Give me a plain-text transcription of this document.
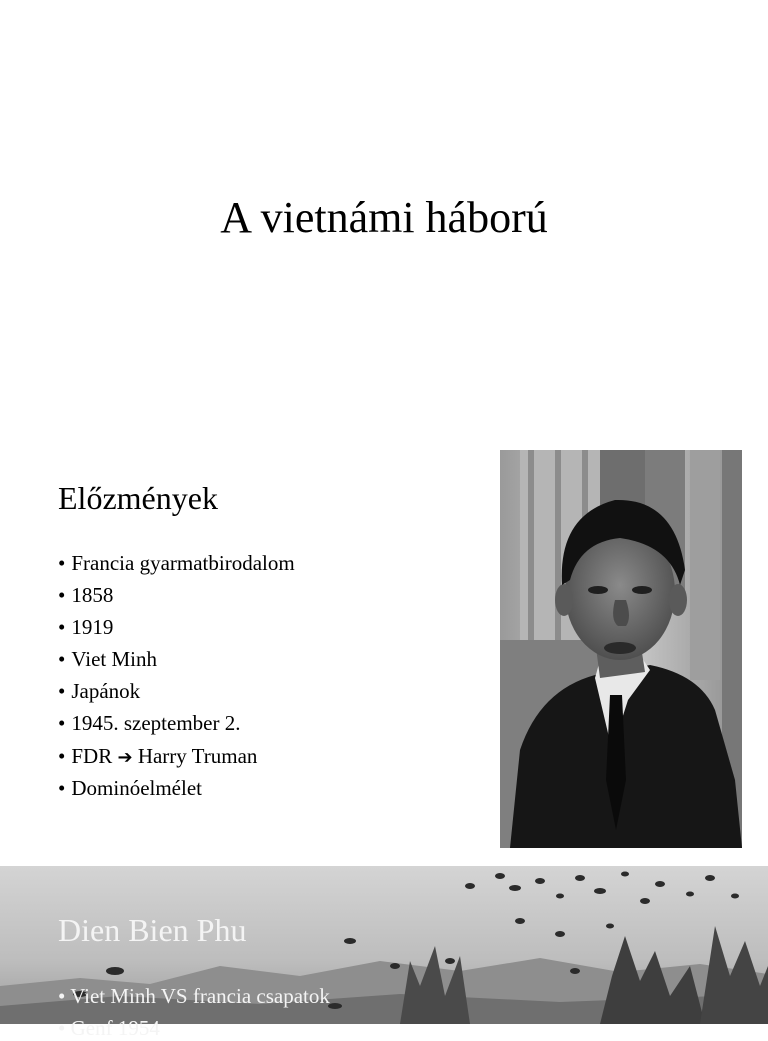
A vietnámi háború
Előzmények
• Francia gyarmatbirodalom
• 1858
• 1919
• Viet Minh
• Japánok
• 1945. szeptember 2.
• FDR ➔ Harry Truman
• Dominóelmélet
Dien Bien Phu
• Viet Minh VS francia csapatok
• Genf 1954
